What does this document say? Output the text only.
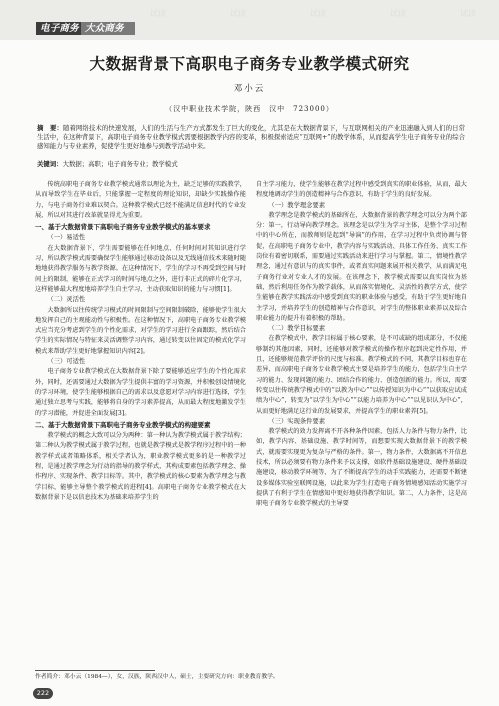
试读	试读	试读	试读	试读
电子商务 大众商务
大数据背景下高职电子商务专业教学模式研究
邓小云
（汉中职业技术学院，陕西　汉中　723000）
摘　要：随着网络技术的快速发展，人们的生活与生产方式都发生了巨大的变化，尤其是在大数据背景下，与互联网相关的产业迅速融入到人们的日常生活中，在这种背景下，高职电子商务专业教学模式需要根据教学内容的变革，积极探索适应“互联网+”的教学体系，从而提高学生电子商务专业的综合感知能力与专业素养，促使学生更好地参与到教学活动中来。
关键词：大数据；高职；电子商务专业；教学模式

传统高职电子商务专业教学模式通常以理论为主，缺乏足够的实践教学，从而导致学生在毕业后，只能掌握一定程度的理论知识，却缺少实践操作能力，与电子商务行业难以契合。这种教学模式已经不能满足信息时代的专业发展，所以对其进行改革就显得尤为重要。

一、基于大数据背景下高职电子商务专业教学模式的基本要求
（一）易适性

在大数据背景下，学生需要能够在任何地点、任何时间对其知识进行学习，所以教学模式需要确保学生能够通过移动设备以及无线通信技术来随时随地地获得教学服务与教学资源。在这种情况下，学生的学习不再受到空间与时间上的限制，能够在正式学习的时间与地点之外，进行非正式的碎片化学习，这样能够最大程度地培养学生自主学习、主动获取知识的能力与习惯[1]。

（二）灵活性

大数据所以往传统学习模式的时间限制与空间限制破除，能够使学生很大地发挥自己的主观能动性与积极性。在这种情况下，高职电子商务专业教学模式应当充分考虑到学生的个性化需求，对学生的学习进行全面跟踪，然后结合学生的实际情况与特征来灵活调整学习内容，通过转变以往固定的模式化学习模式来帮助学生更好地掌握知识内容[2]。

（三）可适性

电子商务专业教学模式在大数据背景下除了要能够适应学生的个性化需求外，同时，还需要通过大数据为学生提供丰富的学习资源，并积极创设情境化的学习环境，使学生能够根据自己的需求以及意愿对学习内容进行选择，学生通过独立思考与实践，能够将自身的学习素养提高，从而最大程度地激发学生的学习潜能，并促进全面发展[3]。

二、基于大数据背景下高职电子商务专业教学模式的构建要素

教学模式的概念大致可以分为两种：第一种认为教学模式属于教学结构；第二种认为教学模式属于教学过程，也就是教学模式是教学程序过程中的一种教学样式或者策略体系，相关学者认为，职业教学模式更多的是一种教学过程，是通过教学理念为行动的指导的教学样式，其构成要素包括教学理念、操作程序、实现条件、教学目标等。其中，教学模式的核心要素为教学理念与教学目标，能够主导整个教学模式的进程[4]。高职电子商务专业教学模式在大数据背景下是以信息技术为基础来培养学生的

自主学习能力，使学生能够在教学过程中感受到真实的职业体验，从而，最大程度地调动学生的创造精神与合作意识，有助于学生的良好发展。

（一）教学理念要素

教学理念是教学模式的基础所在，大数据背景的教学理念可以分为两个部分：第一，行动导向教学理念。该理念是以学生为学习主体，是整个学习过程中的中心所在，而教师则是起到“导演”的作用，在学习过程中负责协调与督促，在高职电子商务专业中，教学内容与实践活动、具体工作任务、真实工作岗位有着密切联系，需要通过实践活动来进行学习与掌握。第二，情境性教学理念，通过有意识与的真实事件，或者真实问题来展开相关教学，从而满足电子商务行业对专业人才的发展。在该理念下，教学模式需要以真实岗位为基础，然后利用任务作为教学载体，从而落实情境化、灵活性的教学方式，使学生能够在教学实践活动中感受到真实的职业体验与感受，有助于学生更好地自主学习，并培养学生的创造精神与合作意识，对学生的整体职业素养以及综合职业能力的提升有着积极的帮助。

（二）教学目标要素

在教学模式中，教学目标属于核心要素，是不可或缺的组成部分，不仅能够制约其他因素，同时，还能够对教学模式的操作程序起到决定性作用，并且，还能够规范教学评价的尺度与标准。教学模式的不同，其教学目标也存在差异，而高职电子商务专业教学模式主要是培养学生的能力，包括学生自主学习的能力、发现问题的能力、团结合作的能力、创造创新的能力。所以，需要转变以往传统教学模式中的“以教为中心”“以传授知识为中心”“以获取应试成绩为中心”，转变为“以学生为中心”“以能力培养为中心”“以见识认为中心”，从而更好地满足这行业的发展要求，并提高学生的职业素养[5]。

（三）实现条件要素

教学模式的效力发挥离不开各种条件因素，包括人力条件与物力条件，比如，教学内容、基础设施、教学时间等，而想要实现大数据背景下的教学模式，就需要实现更为复杂与严格的条件。第一，物力条件，大数据离不开信息技术，所以必须要有物力条件来予以支撑，如软件基础设施建设、硬件基础设施建设，移动教学环境等，为了不断提高学生的动手实践能力，还需要不断建设多媒体实验室联网设施，以此来为学生打造电子商务情境感知活动实施学习提供了有利于学生在情感知中更好地获得教学知识。第二，人力条件，这是高职电子商务专业教学模式的主导要

作者简介：邓小云（1984—），女，汉族，陕西汉中人，硕士，主要研究方向：职业教育教学。
222
